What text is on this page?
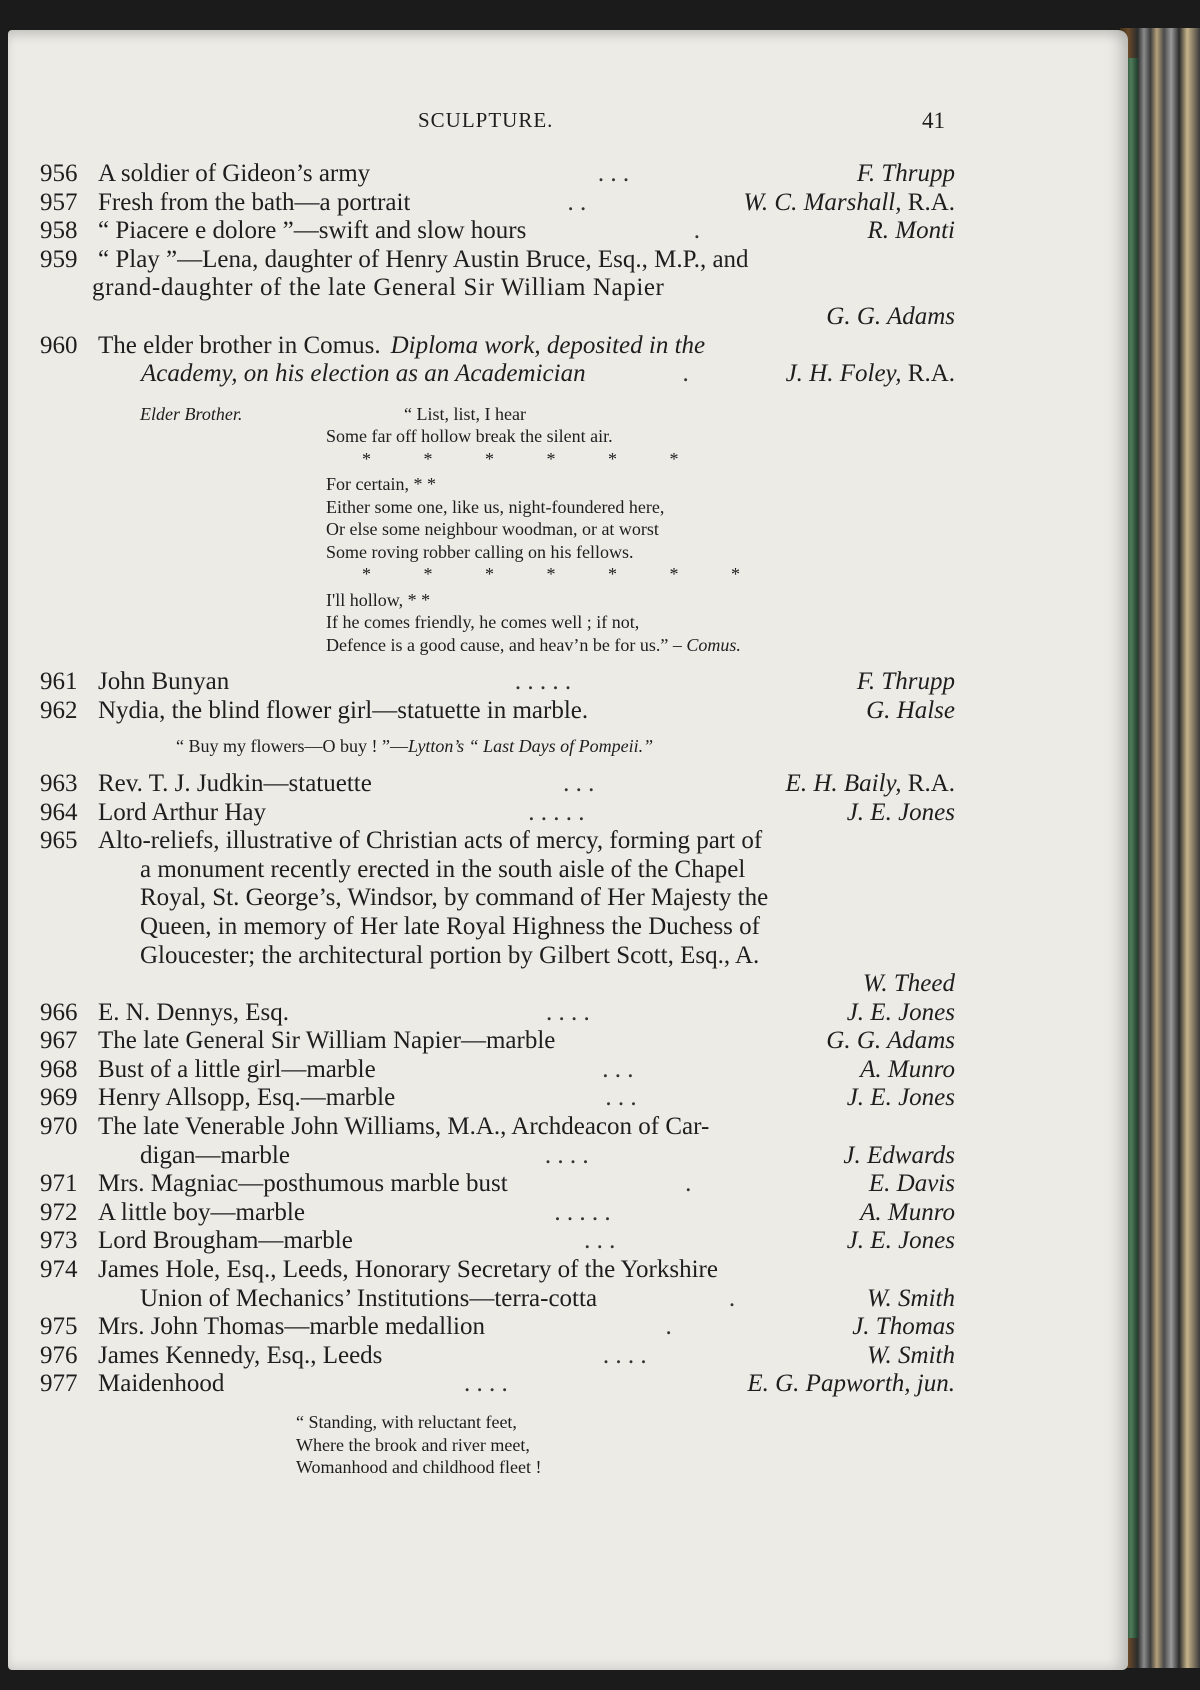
SCULPTURE.	41
956 A soldier of Gideon’s army	. . .	F. Thrupp
957 Fresh from the bath—a portrait	. .	W. C. Marshall, R.A.
958 “ Piacere e dolore ”—swift and slow hours	.	R. Monti
959 “ Play ”—Lena, daughter of Henry Austin Bruce, Esq., M.P., and
grand-daughter of the late General Sir William Napier
G. G. Adams
960 The elder brother in Comus. Diploma work, deposited in the
Academy, on his election as an Academician	.	J. H. Foley, R.A.
Elder Brother.	“ List, list, I hear
Some far off hollow break the silent air.
* * * * * *
For certain, * *
Either some one, like us, night-foundered here,
Or else some neighbour woodman, or at worst
Some roving robber calling on his fellows.
* * * * * * *
I'll hollow, * *
If he comes friendly, he comes well ; if not,
Defence is a good cause, and heav’n be for us.” – Comus.
961 John Bunyan	. . . . .	F. Thrupp
962 Nydia, the blind flower girl—statuette in marble.	G. Halse
“ Buy my flowers—O buy ! ”—Lytton’s “ Last Days of Pompeii.”
963 Rev. T. J. Judkin—statuette	. . .	E. H. Baily, R.A.
964 Lord Arthur Hay	. . . . .	J. E. Jones
965 Alto-reliefs, illustrative of Christian acts of mercy, forming part of
a monument recently erected in the south aisle of the Chapel
Royal, St. George’s, Windsor, by command of Her Majesty the
Queen, in memory of Her late Royal Highness the Duchess of
Gloucester; the architectural portion by Gilbert Scott, Esq., A.
W. Theed
966 E. N. Dennys, Esq.	. . . .	J. E. Jones
967 The late General Sir William Napier—marble	G. G. Adams
968 Bust of a little girl—marble	. . .	A. Munro
969 Henry Allsopp, Esq.—marble	. . .	J. E. Jones
970 The late Venerable John Williams, M.A., Archdeacon of Car-
digan—marble	. . . .	J. Edwards
971 Mrs. Magniac—posthumous marble bust	.	E. Davis
972 A little boy—marble	. . . . .	A. Munro
973 Lord Brougham—marble	. . .	J. E. Jones
974 James Hole, Esq., Leeds, Honorary Secretary of the Yorkshire
Union of Mechanics’ Institutions—terra-cotta	.	W. Smith
975 Mrs. John Thomas—marble medallion	.	J. Thomas
976 James Kennedy, Esq., Leeds	. . . .	W. Smith
977 Maidenhood	. . . .	E. G. Papworth, jun.
“ Standing, with reluctant feet,
Where the brook and river meet,
Womanhood and childhood fleet !
